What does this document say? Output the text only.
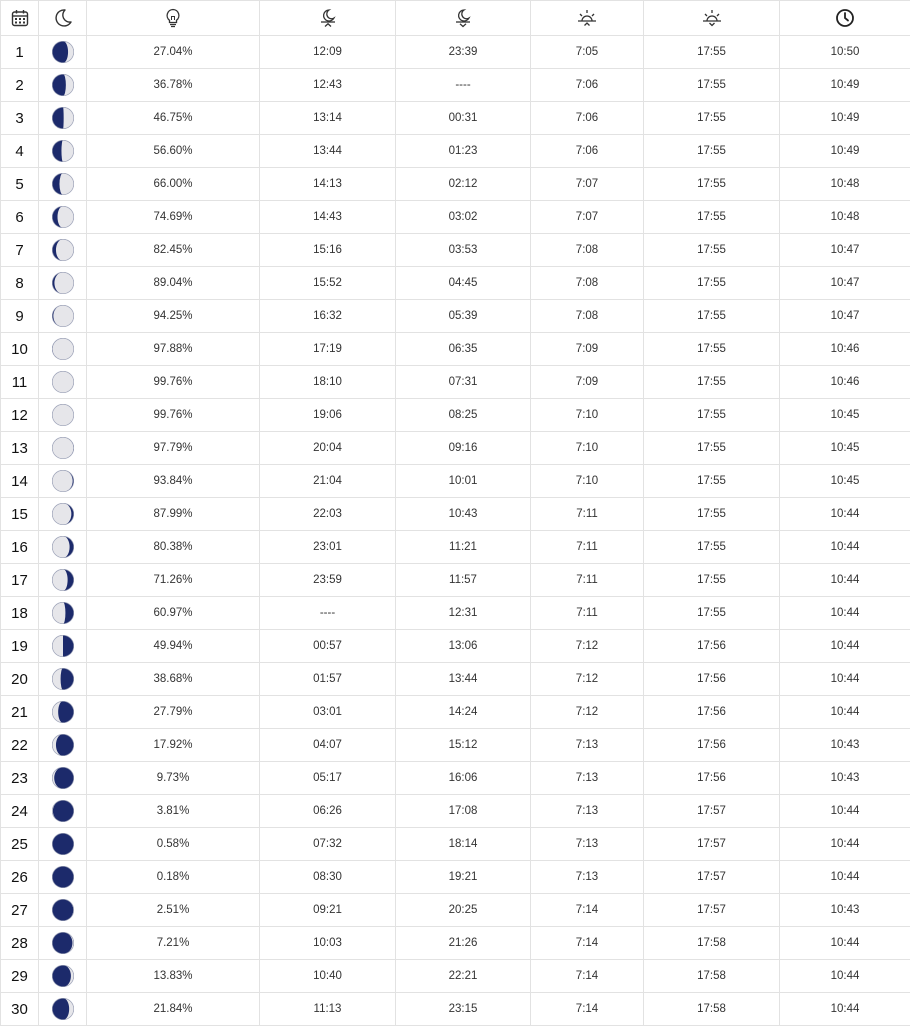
1		27.04%	12:09	23:39	7:05	17:55	10:50
2		36.78%	12:43	----	7:06	17:55	10:49
3		46.75%	13:14	00:31	7:06	17:55	10:49
4		56.60%	13:44	01:23	7:06	17:55	10:49
5		66.00%	14:13	02:12	7:07	17:55	10:48
6		74.69%	14:43	03:02	7:07	17:55	10:48
7		82.45%	15:16	03:53	7:08	17:55	10:47
8		89.04%	15:52	04:45	7:08	17:55	10:47
9		94.25%	16:32	05:39	7:08	17:55	10:47
10		97.88%	17:19	06:35	7:09	17:55	10:46
11		99.76%	18:10	07:31	7:09	17:55	10:46
12		99.76%	19:06	08:25	7:10	17:55	10:45
13		97.79%	20:04	09:16	7:10	17:55	10:45
14		93.84%	21:04	10:01	7:10	17:55	10:45
15		87.99%	22:03	10:43	7:11	17:55	10:44
16		80.38%	23:01	11:21	7:11	17:55	10:44
17		71.26%	23:59	11:57	7:11	17:55	10:44
18		60.97%	----	12:31	7:11	17:55	10:44
19		49.94%	00:57	13:06	7:12	17:56	10:44
20		38.68%	01:57	13:44	7:12	17:56	10:44
21		27.79%	03:01	14:24	7:12	17:56	10:44
22		17.92%	04:07	15:12	7:13	17:56	10:43
23		9.73%	05:17	16:06	7:13	17:56	10:43
24		3.81%	06:26	17:08	7:13	17:57	10:44
25		0.58%	07:32	18:14	7:13	17:57	10:44
26		0.18%	08:30	19:21	7:13	17:57	10:44
27		2.51%	09:21	20:25	7:14	17:57	10:43
28		7.21%	10:03	21:26	7:14	17:58	10:44
29		13.83%	10:40	22:21	7:14	17:58	10:44
30		21.84%	11:13	23:15	7:14	17:58	10:44
